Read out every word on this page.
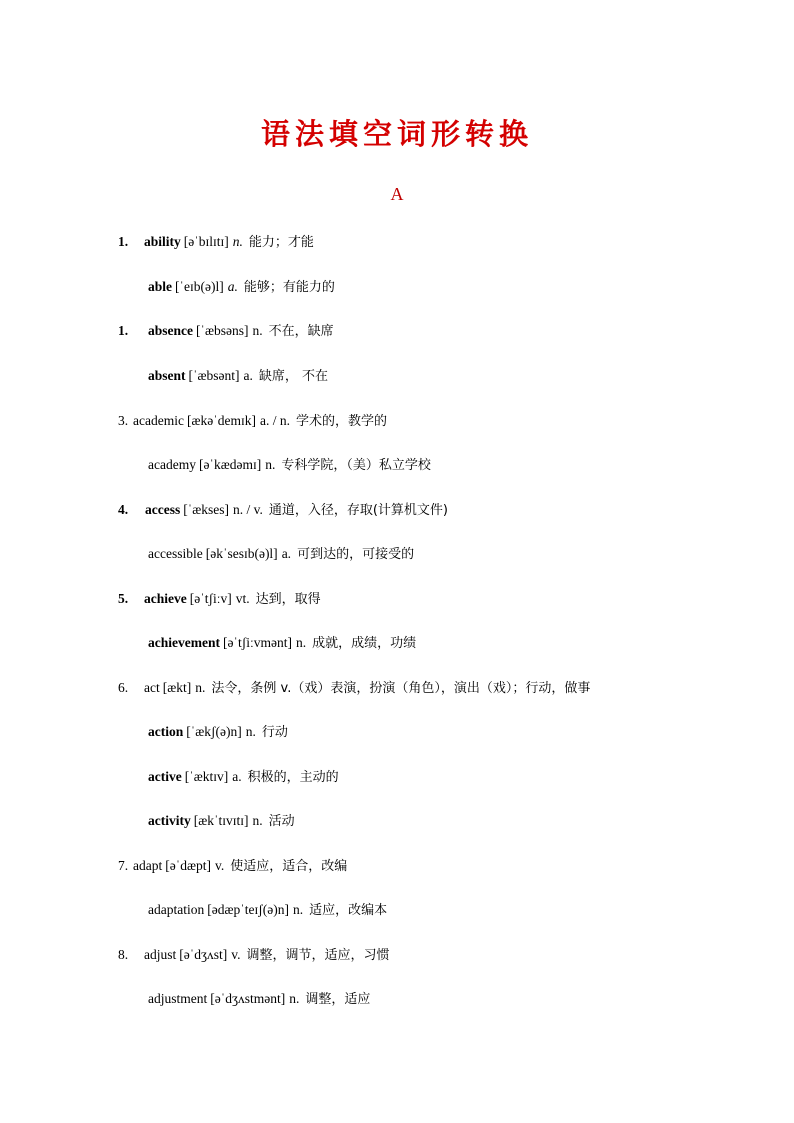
语法填空词形转换
A
1. ability [əˈbɪlɪtɪ] n. 能力；才能
able [ˈeɪb(ə)l] a. 能够；有能力的
1. absence [ˈæbsəns] n. 不在，缺席
absent [ˈæbsənt] a. 缺席， 不在
3. academic [ækəˈdemɪk] a. / n. 学术的，教学的
academy [əˈkædəmɪ] n. 专科学院，（美）私立学校
4. access [ˈækses] n. / v. 通道，入径，存取(计算机文件)
accessible [əkˈsesɪb(ə)l] a. 可到达的，可接受的
5. achieve [əˈtʃiːv] vt. 达到，取得
achievement [əˈtʃiːvmənt] n. 成就，成绩，功绩
6. act [ækt] n. 法令，条例 v.（戏）表演，扮演（角色），演出（戏）；行动，做事
action [ˈækʃ(ə)n] n. 行动
active [ˈæktɪv] a. 积极的，主动的
activity [ækˈtɪvɪtɪ] n. 活动
7. adapt [əˈdæpt] v. 使适应，适合，改编
adaptation [ədæpˈteɪʃ(ə)n] n. 适应，改编本
8. adjust [əˈdʒʌst] v. 调整，调节，适应，习惯
adjustment [əˈdʒʌstmənt] n. 调整，适应
